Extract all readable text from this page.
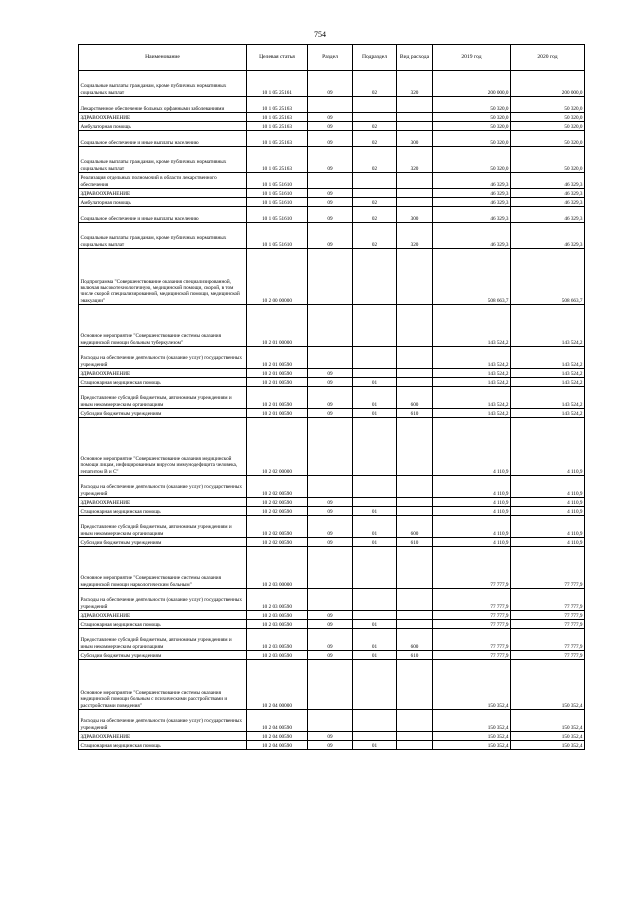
754
Наименование	Целевая статья	Раздел	Подраздел	Вид расхода	2019 год	2020 год
Социальные выплаты гражданам, кроме публичных нормативных социальных выплат	10 1 05 25161	09	02	320	200 000,0	200 000,0
Лекарственное обеспечение больных орфанными заболеваниями	10 1 05 25163				50 320,0	50 320,0
ЗДРАВООХРАНЕНИЕ	10 1 05 25163	09			50 320,0	50 320,0
Амбулаторная помощь	10 1 05 25163	09	02		50 320,0	50 320,0
Социальное обеспечение и иные выплаты населению	10 1 05 25163	09	02	300	50 320,0	50 320,0
Социальные выплаты гражданам, кроме публичных нормативных социальных выплат	10 1 05 25163	09	02	320	50 320,0	50 320,0
Реализация отдельных полномочий в области лекарственного обеспечения	10 1 05 51610				46 329,3	46 329,3
ЗДРАВООХРАНЕНИЕ	10 1 05 51610	09			46 329,3	46 329,3
Амбулаторная помощь	10 1 05 51610	09	02		46 329,3	46 329,3
Социальное обеспечение и иные выплаты населению	10 1 05 51610	09	02	300	46 329,3	46 329,3
Социальные выплаты гражданам, кроме публичных нормативных социальных выплат	10 1 05 51610	09	02	320	46 329,3	46 329,3
Подпрограмма "Совершенствование оказания специализированной, включая высокотехнологичную, медицинской помощи, скорой, в том числе скорой специализированной, медицинской помощи, медицинской эвакуации"	10 2 00 00000				508 663,7	508 663,7
Основное мероприятие "Совершенствование системы оказания медицинской помощи больным туберкулезом"	10 2 01 00000				143 524,2	143 524,2
Расходы на обеспечение деятельности (оказание услуг) государственных учреждений	10 2 01 00590				143 524,2	143 524,2
ЗДРАВООХРАНЕНИЕ	10 2 01 00590	09			143 524,2	143 524,2
Стационарная медицинская помощь	10 2 01 00590	09	01		143 524,2	143 524,2
Предоставление субсидий бюджетным, автономным учреждениям и иным некоммерческим организациям	10 2 01 00590	09	01	600	143 524,2	143 524,2
Субсидии бюджетным учреждениям	10 2 01 00590	09	01	610	143 524,2	143 524,2
Основное мероприятие "Совершенствование оказания медицинской помощи лицам, инфицированным вирусом иммунодефицита человека, гепатитом B и C"	10 2 02 00000				4 110,9	4 110,9
Расходы на обеспечение деятельности (оказание услуг) государственных учреждений	10 2 02 00590				4 110,9	4 110,9
ЗДРАВООХРАНЕНИЕ	10 2 02 00590	09			4 110,9	4 110,9
Стационарная медицинская помощь	10 2 02 00590	09	01		4 110,9	4 110,9
Предоставление субсидий бюджетным, автономным учреждениям и иным некоммерческим организациям	10 2 02 00590	09	01	600	4 110,9	4 110,9
Субсидии бюджетным учреждениям	10 2 02 00590	09	01	610	4 110,9	4 110,9
Основное мероприятие "Совершенствование системы оказания медицинской помощи наркологическим больным"	10 2 03 00000				77 777,9	77 777,9
Расходы на обеспечение деятельности (оказание услуг) государственных учреждений	10 2 03 00590				77 777,9	77 777,9
ЗДРАВООХРАНЕНИЕ	10 2 03 00590	09			77 777,9	77 777,9
Стационарная медицинская помощь	10 2 03 00590	09	01		77 777,9	77 777,9
Предоставление субсидий бюджетным, автономным учреждениям и иным некоммерческим организациям	10 2 03 00590	09	01	600	77 777,9	77 777,9
Субсидии бюджетным учреждениям	10 2 03 00590	09	01	610	77 777,9	77 777,9
Основное мероприятие "Совершенствование системы оказания медицинской помощи больным с психическими расстройствами и расстройствами поведения"	10 2 04 00000				150 352,4	150 352,4
Расходы на обеспечение деятельности (оказание услуг) государственных учреждений	10 2 04 00590				150 352,4	150 352,4
ЗДРАВООХРАНЕНИЕ	10 2 04 00590	09			150 352,4	150 352,4
Стационарная медицинская помощь	10 2 04 00590	09	01		150 352,4	150 352,4
